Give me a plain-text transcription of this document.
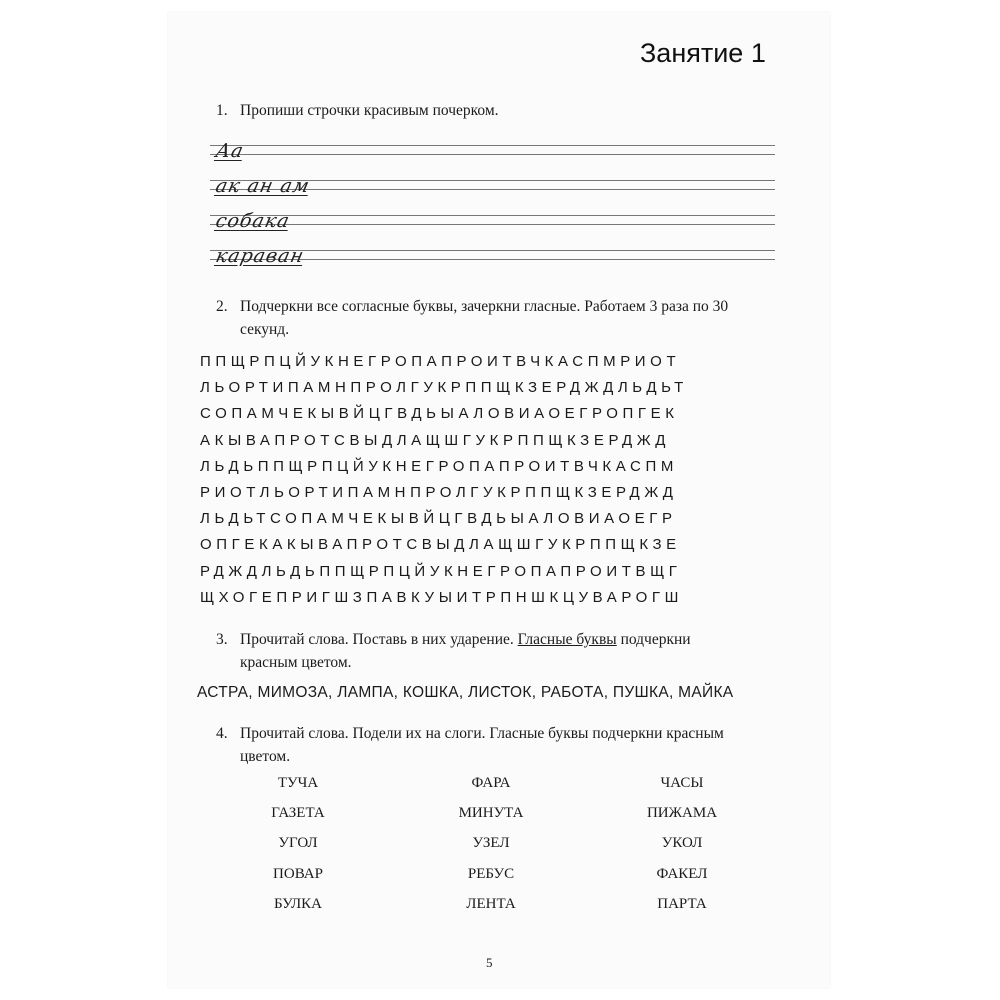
Занятие 1
1. Пропиши строчки красивым почерком.
Аа
ак ан ам
собака
караван
2. Подчеркни все согласные буквы, зачеркни гласные. Работаем 3 раза по 30
секунд.
ППЩРПЦЙУКНЕГРОПАПРОИТВЧКАСПМРИОТ
ЛЬОРТИПАМНПРОЛГУКРППЩКЗЕРДЖДЛЬДЬТ
СОПАМЧЕКЫВЙЦГВДЬЫАЛОВИАОЕГРОПГЕК
АКЫВАПРОТСВЫДЛАЩШГУКРППЩКЗЕРДЖД
ЛЬДЬППЩРПЦЙУКНЕГРОПАПРОИТВЧКАСПМ
РИОТЛЬОРТИПАМНПРОЛГУКРППЩКЗЕРДЖД
ЛЬДЬТСОПАМЧЕКЫВЙЦГВДЬЫАЛОВИАОЕГР
ОПГЕКАКЫВАПРОТСВЫДЛАЩШГУКРППЩКЗЕ
РДЖДЛЬДЬППЩРПЦЙУКНЕГРОПАПРОИТВЩГ
ЩХОГЕПРИГШЗПАВКУЫИТРПНШКЦУВАРОГШ
3. Прочитай слова. Поставь в них ударение. Гласные буквы подчеркни
красным цветом.
АСТРА, МИМОЗА, ЛАМПА, КОШКА, ЛИСТОК, РАБОТА, ПУШКА, МАЙКА
4. Прочитай слова. Подели их на слоги. Гласные буквы подчеркни красным
цветом.
ТУЧА
ГАЗЕТА
УГОЛ
ПОВАР
БУЛКА
ФАРА
МИНУТА
УЗЕЛ
РЕБУС
ЛЕНТА
ЧАСЫ
ПИЖАМА
УКОЛ
ФАКЕЛ
ПАРТА
5
